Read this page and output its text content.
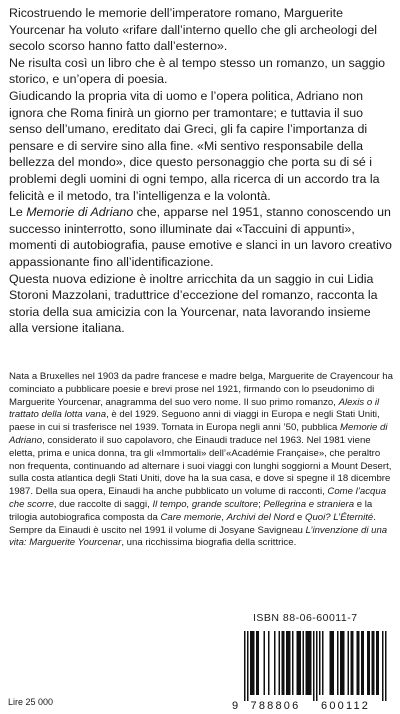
Ricostruendo le memorie dell’imperatore romano, Marguerite Yourcenar ha voluto «rifare dall’interno quello che gli archeologi del secolo scorso hanno fatto dall’esterno».

Ne risulta così un libro che è al tempo stesso un romanzo, un saggio storico, e un’opera di poesia.

Giudicando la propria vita di uomo e l’opera politica, Adriano non ignora che Roma finirà un giorno per tramontare; e tuttavia il suo senso dell’umano, ereditato dai Greci, gli fa capire l’importanza di pensare e di servire sino alla fine. «Mi sentivo responsabile della bellezza del mondo», dice questo personaggio che porta su di sé i problemi degli uomini di ogni tempo, alla ricerca di un accordo tra la felicità e il metodo, tra l’intelligenza e la volontà.

Le Memorie di Adriano che, apparse nel 1951, stanno conoscendo un successo ininterrotto, sono illuminate dai «Taccuini di appunti», momenti di autobiografia, pause emotive e slanci in un lavoro creativo appassionante fino all’identificazione.

Questa nuova edizione è inoltre arricchita da un saggio in cui Lidia Storoni Mazzolani, traduttrice d’eccezione del romanzo, racconta la storia della sua amicizia con la Yourcenar, nata lavorando insieme alla versione italiana.

Nata a Bruxelles nel 1903 da padre francese e madre belga, Marguerite de Crayencour ha cominciato a pubblicare poesie e brevi prose nel 1921, firmando con lo pseudonimo di Marguerite Yourcenar, anagramma del suo vero nome. Il suo primo romanzo, Alexis o il trattato della lotta vana, è del 1929. Seguono anni di viaggi in Europa e negli Stati Uniti, paese in cui si trasferisce nel 1939. Tornata in Europa negli anni ’50, pubblica Memorie di Adriano, considerato il suo capolavoro, che Einaudi traduce nel 1963. Nel 1981 viene eletta, prima e unica donna, tra gli «Immortali» dell’«Académie Française», che peraltro non frequenta, continuando ad alternare i suoi viaggi con lunghi soggiorni a Mount Desert, sulla costa atlantica degli Stati Uniti, dove ha la sua casa, e dove si spegne il 18 dicembre 1987. Della sua opera, Einaudi ha anche pubblicato un volume di racconti, Come l’acqua che scorre, due raccolte di saggi, Il tempo, grande scultore; Pellegrina e straniera e la trilogia autobiografica composta da Care memorie, Archivi del Nord e Quoi? L’Éternité. Sempre da Einaudi è uscito nel 1991 il volume di Josyane Savigneau L’invenzione di una vita: Marguerite Yourcenar, una ricchissima biografia della scrittrice.

ISBN 88-06-60011-7
9 788806 600112
Lire 25 000
